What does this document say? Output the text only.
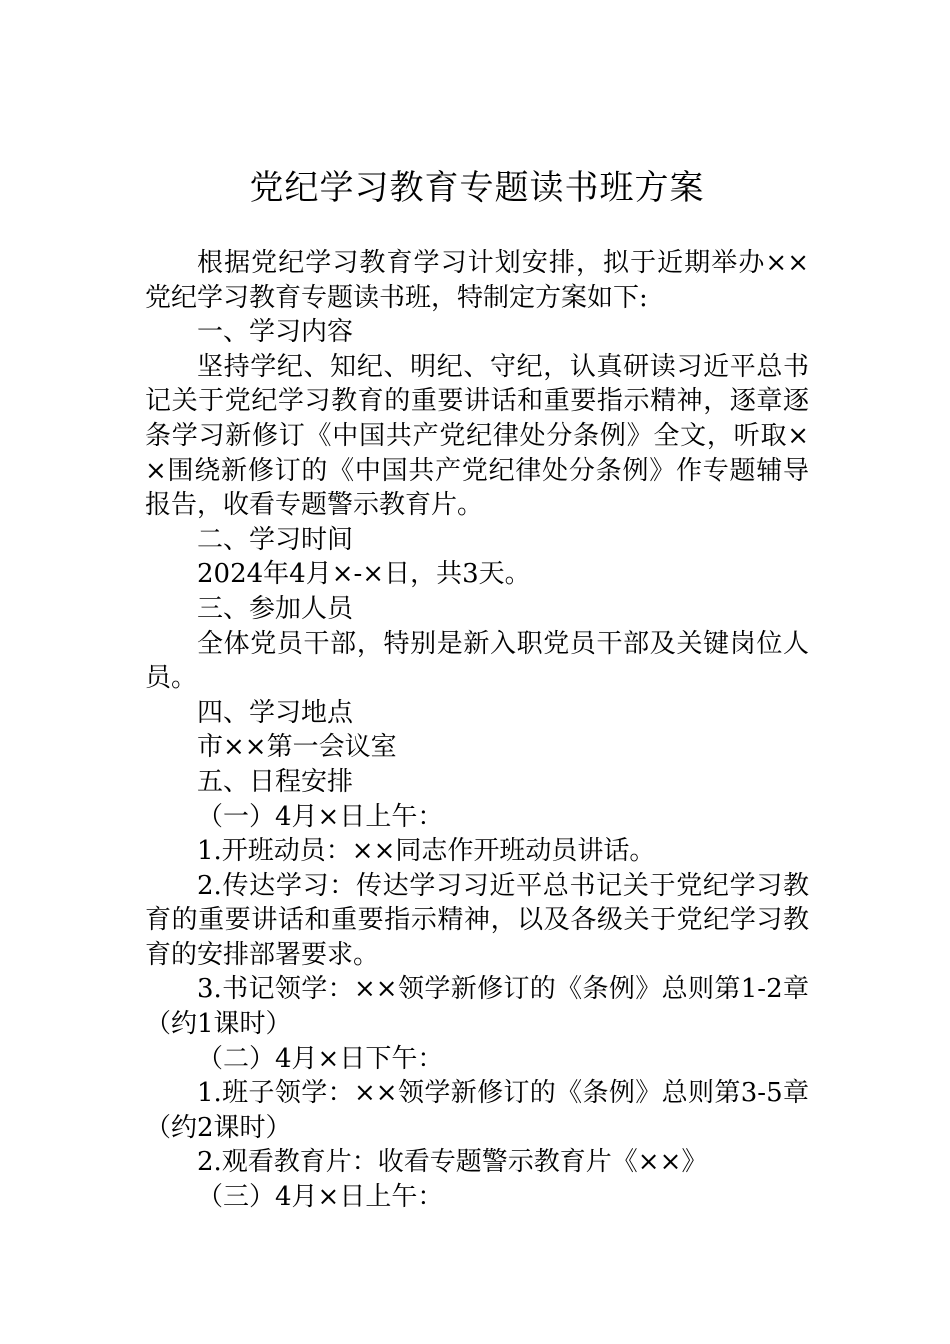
党纪学习教育专题读书班方案

根据党纪学习教育学习计划安排，拟于近期举办××党纪学习教育专题读书班，特制定方案如下:

一、学习内容

坚持学纪、知纪、明纪、守纪，认真研读习近平总书记关于党纪学习教育的重要讲话和重要指示精神，逐章逐条学习新修订《中国共产党纪律处分条例》全文，听取××围绕新修订的《中国共产党纪律处分条例》作专题辅导报告，收看专题警示教育片。

二、学习时间

2024年4月×-×日，共3天。

三、参加人员

全体党员干部，特别是新入职党员干部及关键岗位人员。

四、学习地点

市××第一会议室

五、日程安排

（一）4月×日上午：

1.开班动员：××同志作开班动员讲话。

2.传达学习：传达学习习近平总书记关于党纪学习教育的重要讲话和重要指示精神，以及各级关于党纪学习教育的安排部署要求。

3.书记领学：××领学新修订的《条例》总则第1-2章（约1课时）

（二）4月×日下午：

1.班子领学：××领学新修订的《条例》总则第3-5章（约2课时）

2.观看教育片：收看专题警示教育片《××》

（三）4月×日上午：
